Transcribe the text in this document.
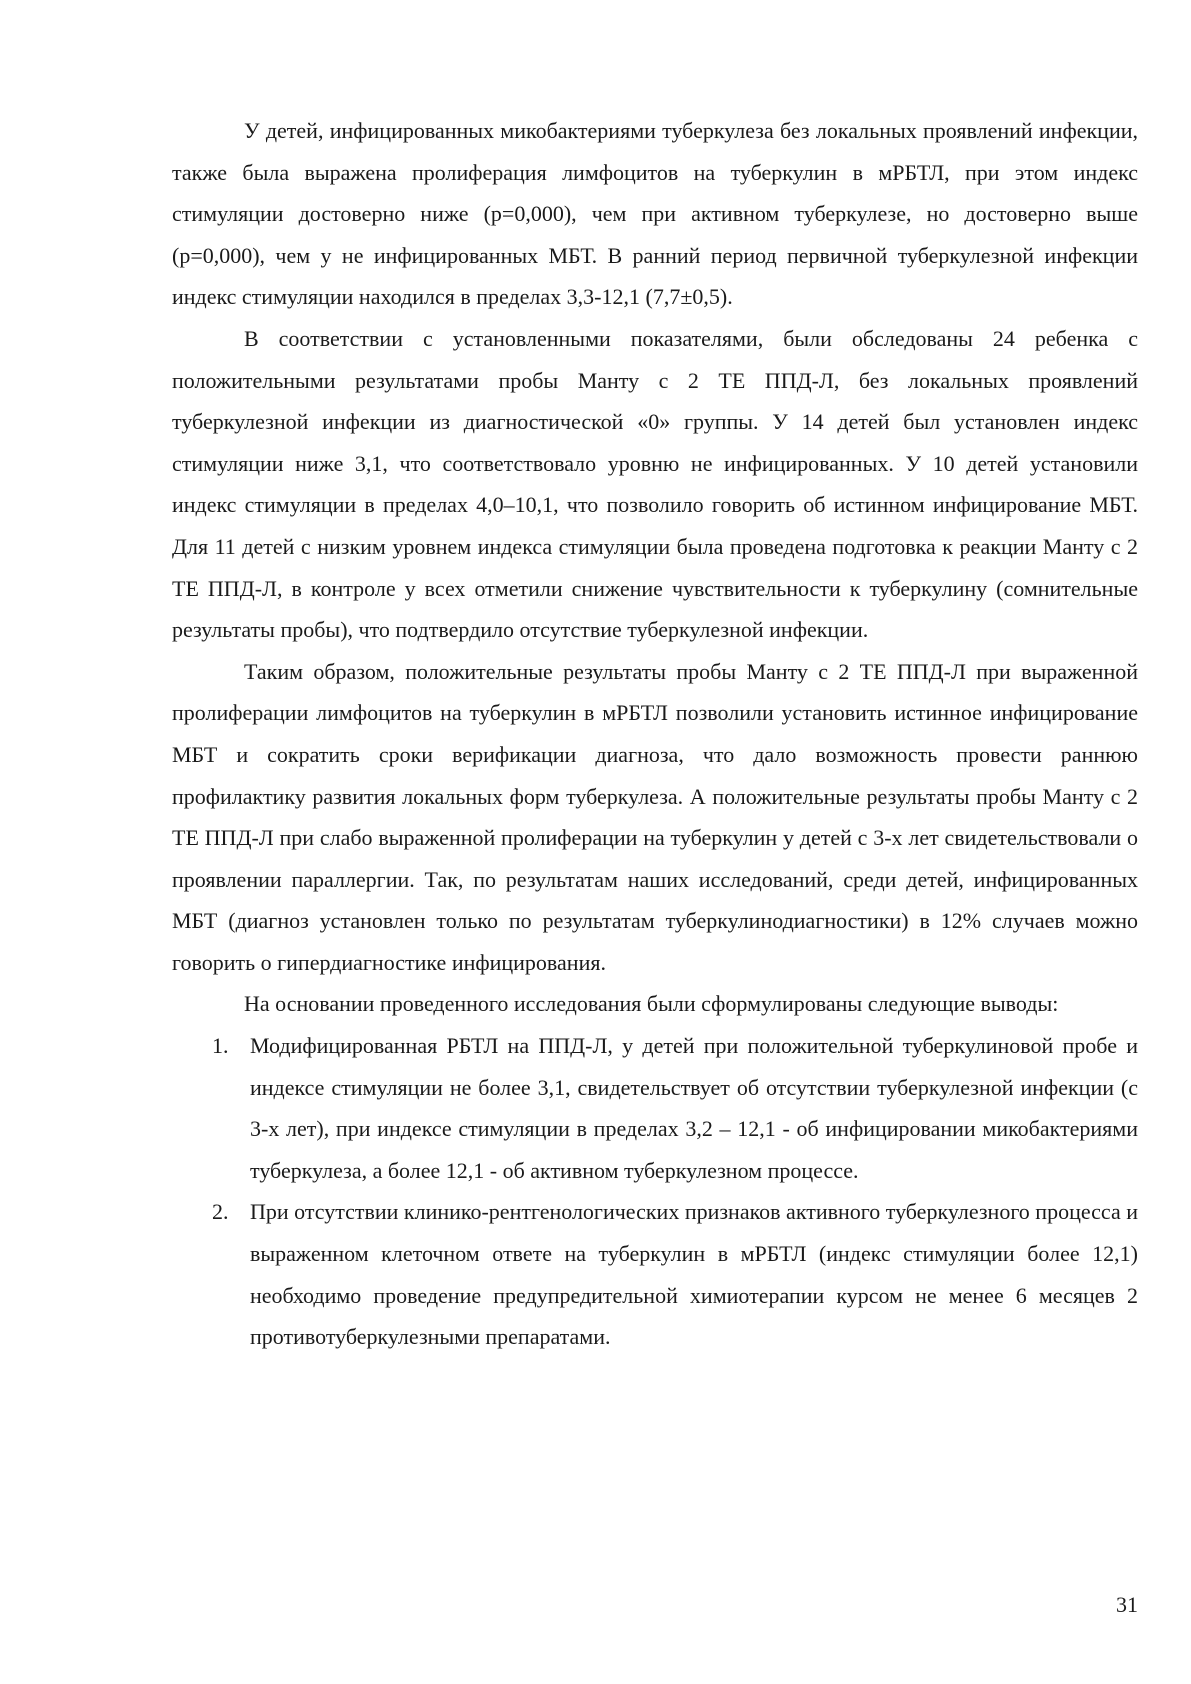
У детей, инфицированных микобактериями туберкулеза без локальных проявлений инфекции, также была выражена пролиферация лимфоцитов на туберкулин в мРБТЛ, при этом индекс стимуляции достоверно ниже (р=0,000), чем при активном туберкулезе, но достоверно выше (р=0,000), чем у не инфицированных МБТ. В ранний период первичной туберкулезной инфекции индекс стимуляции находился в пределах 3,3-12,1 (7,7±0,5).

В соответствии с установленными показателями, были обследованы 24 ребенка с положительными результатами пробы Манту с 2 ТЕ ППД-Л, без локальных проявлений туберкулезной инфекции из диагностической «0» группы. У 14 детей был установлен индекс стимуляции ниже 3,1, что соответствовало уровню не инфицированных. У 10 детей установили индекс стимуляции в пределах 4,0–10,1, что позволило говорить об истинном инфицирование МБТ. Для 11 детей с низким уровнем индекса стимуляции была проведена подготовка к реакции Манту с 2 ТЕ ППД-Л, в контроле у всех отметили снижение чувствительности к туберкулину (сомнительные результаты пробы), что подтвердило отсутствие туберкулезной инфекции.

Таким образом, положительные результаты пробы Манту с 2 ТЕ ППД-Л при выраженной пролиферации лимфоцитов на туберкулин в мРБТЛ позволили установить истинное инфицирование МБТ и сократить сроки верификации диагноза, что дало возможность провести раннюю профилактику развития локальных форм туберкулеза. А положительные результаты пробы Манту с 2 ТЕ ППД-Л при слабо выраженной пролиферации на туберкулин у детей с 3-х лет свидетельствовали о проявлении параллергии. Так, по результатам наших исследований, среди детей, инфицированных МБТ (диагноз установлен только по результатам туберкулинодиагностики) в 12% случаев можно говорить о гипердиагностике инфицирования.

На основании проведенного исследования были сформулированы следующие выводы:

1. Модифицированная РБТЛ на ППД-Л, у детей при положительной туберкулиновой пробе и индексе стимуляции не более 3,1, свидетельствует об отсутствии туберкулезной инфекции (с 3-х лет), при индексе стимуляции в пределах 3,2 – 12,1 - об инфицировании микобактериями туберкулеза, а более 12,1 - об активном туберкулезном процессе.
2. При отсутствии клинико-рентгенологических признаков активного туберкулезного процесса и выраженном клеточном ответе на туберкулин в мРБТЛ (индекс стимуляции более 12,1) необходимо проведение предупредительной химиотерапии курсом не менее 6 месяцев 2 противотуберкулезными препаратами.
31
